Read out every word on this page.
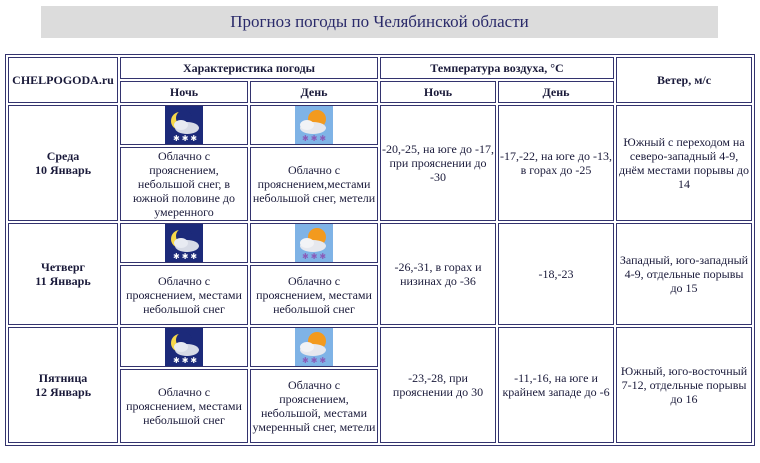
Прогноз погоды по Челябинской области
CHELPOGODA.ru	Характеристика погоды		Температура воздуха, °С		Ветер, м/с
	Ночь	День	Ночь	День	
Среда
10 Январь	✱ ✱ ✱	✱ ✱ ✱	-20,-25, на юге до -17, при прояснении до -30	-17,-22, на юге до -13, в горах до -25	Южный с переходом на северо-западный 4-9, днём местами порывы до 14
	Облачно с прояснением, небольшой снег, в южной половине до умеренного	Облачно с прояснением,местами небольшой снег, метели			
Четверг
11 Январь	✱ ✱ ✱	✱ ✱ ✱	-26,-31, в горах и низинах до -36	-18,-23	Западный, юго-западный 4-9, отдельные порывы до 15
	Облачно с прояснением, местами небольшой снег	Облачно с прояснением, местами небольшой снег			
Пятница
12 Январь	✱ ✱ ✱	✱ ✱ ✱	-23,-28, при прояснении до 30	-11,-16, на юге и крайнем западе до -6	Южный, юго-восточный 7-12, отдельные порывы до 16
	Облачно с прояснением, местами небольшой снег	Облачно с прояснением, небольшой, местами умеренный снег, метели			
